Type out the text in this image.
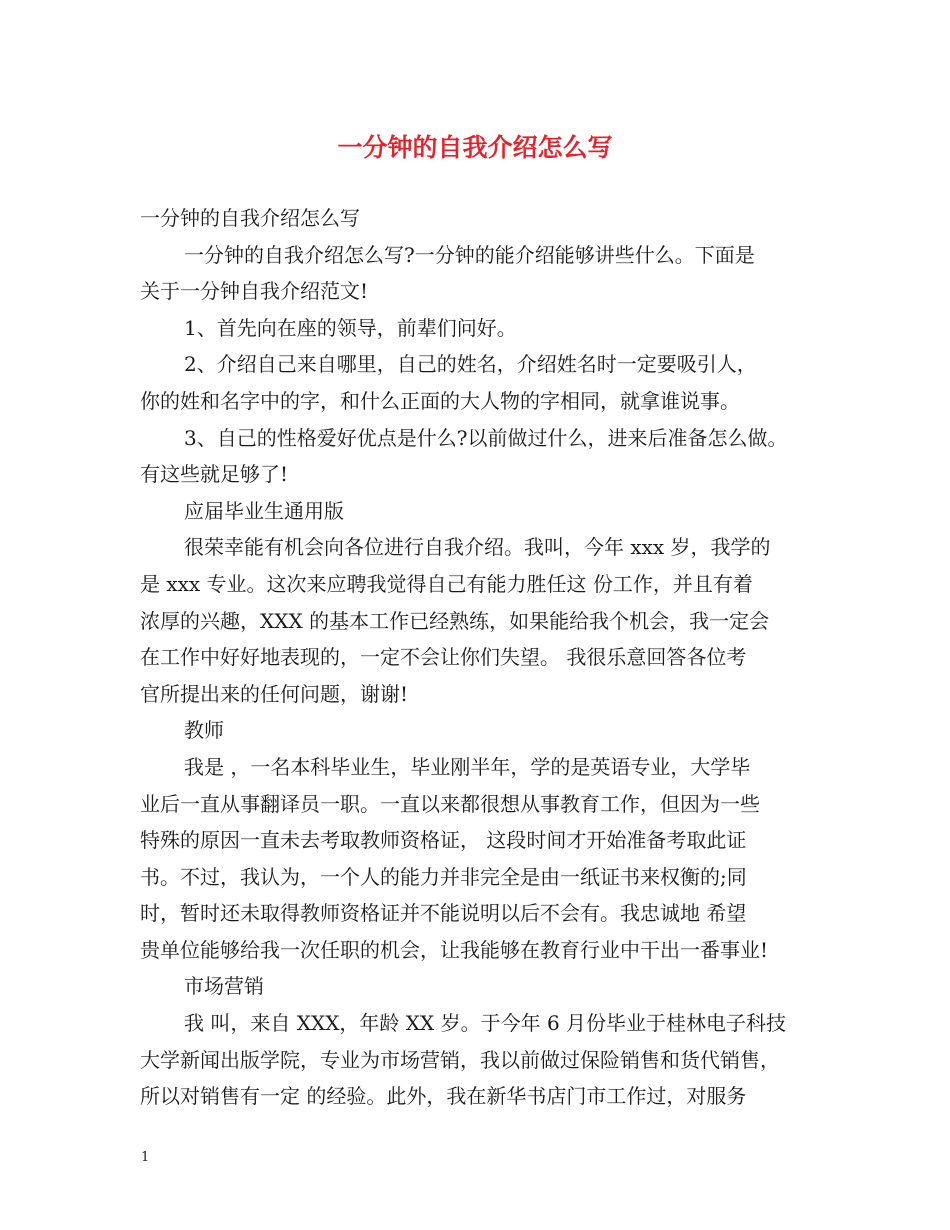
一分钟的自我介绍怎么写
一分钟的自我介绍怎么写
一分钟的自我介绍怎么写?一分钟的能介绍能够讲些什么。下面是
关于一分钟自我介绍范文!
1、首先向在座的领导，前辈们问好。
2、介绍自己来自哪里，自己的姓名，介绍姓名时一定要吸引人，
你的姓和名字中的字，和什么正面的大人物的字相同，就拿谁说事。
3、自己的性格爱好优点是什么?以前做过什么，进来后准备怎么做。
有这些就足够了!
应届毕业生通用版
很荣幸能有机会向各位进行自我介绍。我叫，今年 xxx 岁，我学的
是 xxx 专业。这次来应聘我觉得自己有能力胜任这 份工作，并且有着
浓厚的兴趣，XXX 的基本工作已经熟练，如果能给我个机会，我一定会
在工作中好好地表现的，一定不会让你们失望。 我很乐意回答各位考
官所提出来的任何问题，谢谢!
教师
我是 ，一名本科毕业生，毕业刚半年，学的是英语专业，大学毕
业后一直从事翻译员一职。一直以来都很想从事教育工作，但因为一些
特殊的原因一直未去考取教师资格证， 这段时间才开始准备考取此证
书。不过，我认为，一个人的能力并非完全是由一纸证书来权衡的;同
时，暂时还未取得教师资格证并不能说明以后不会有。我忠诚地 希望
贵单位能够给我一次任职的机会，让我能够在教育行业中干出一番事业!
市场营销
我 叫，来自 XXX，年龄 XX 岁。于今年 6 月份毕业于桂林电子科技
大学新闻出版学院，专业为市场营销，我以前做过保险销售和货代销售，
所以对销售有一定 的经验。此外，我在新华书店门市工作过，对服务
1
